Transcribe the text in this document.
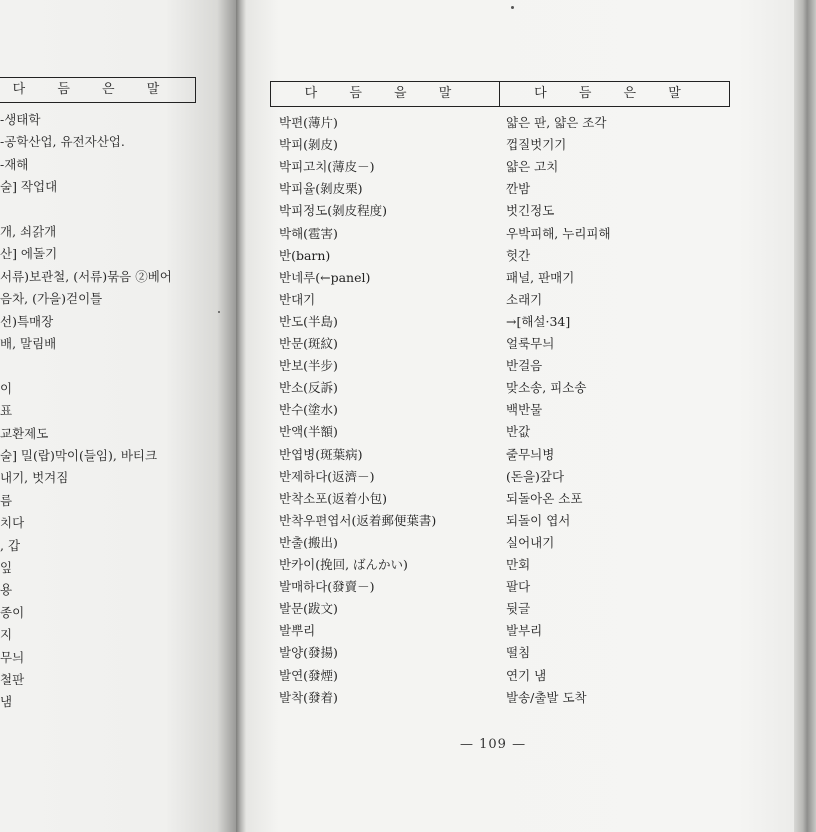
다 듬 은 말
-생태학
-공학산업, 유전자산업.
-재해
술] 작업대
개, 쇠갉개
산] 에돌기
서류)보관철, (서류)묶음 ②베어
음차, (가을)걷이틀
선)특매장
배, 말림배
이
표
교환제도
술] 밀(랍)막이(들임), 바티크
내기, 벗겨짐
름
치다
, 갑
잎
용
종이
지
무늬
철판
냄
다 듬 을 말	다 듬 은 말
박편(薄片)	얇은 판, 얇은 조각
박피(剝皮)	껍질벗기기
박피고치(薄皮－)	얇은 고치
박피율(剝皮栗)	깐밤
박피정도(剝皮程度)	벗긴정도
박해(雹害)	우박피해, 누리피해
반(barn)	헛간
반네루(←panel)	패널, 판매기
반대기	소래기
반도(半島)	→[해설·34]
반문(斑紋)	얼룩무늬
반보(半步)	반걸음
반소(反訴)	맞소송, 피소송
반수(塗水)	백반물
반액(半額)	반값
반엽병(斑葉病)	줄무늬병
반제하다(返濟－)	(돈을)갚다
반착소포(返着小包)	되돌아온 소포
반착우편엽서(返着郵便葉書)	되돌이 엽서
반출(搬出)	실어내기
반카이(挽回, ばんかい)	만회
발매하다(發賣－)	팔다
발문(跋文)	뒷글
발뿌리	발부리
발양(發揚)	떨침
발연(發煙)	연기 냄
발착(發着)	발송/출발 도착
— 109 —
